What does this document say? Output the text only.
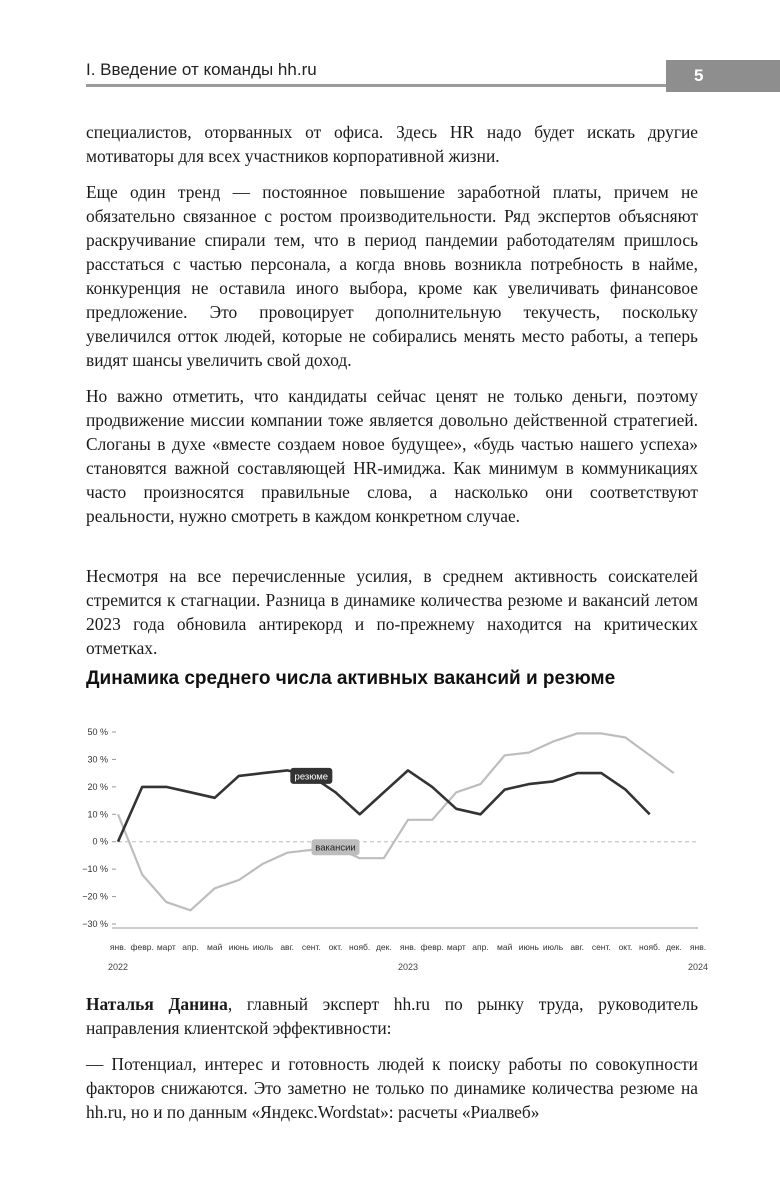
I. Введение от команды hh.ru	5

специалистов, оторванных от офиса. Здесь HR надо будет искать другие мотиваторы для всех участников корпоративной жизни.

Еще один тренд — постоянное повышение заработной платы, причем не обязательно связанное с ростом производительности. Ряд экспертов объясняют раскручивание спирали тем, что в период пандемии работодателям пришлось расстаться с частью персонала, а когда вновь возникла потребность в найме, конкуренция не оставила иного выбора, кроме как увеличивать финансовое предложение. Это провоцирует дополнительную текучесть, поскольку увеличился отток людей, которые не собирались менять место работы, а теперь видят шансы увеличить свой доход.

Но важно отметить, что кандидаты сейчас ценят не только деньги, поэтому продвижение миссии компании тоже является довольно действенной стратегией. Слоганы в духе «вместе создаем новое будущее», «будь частью нашего успеха» становятся важной составляющей HR-имиджа. Как минимум в коммуникациях часто произносятся правильные слова, а насколько они соответствуют реальности, нужно смотреть в каждом конкретном случае.

Несмотря на все перечисленные усилия, в среднем активность соискателей стремится к стагнации. Разница в динамике количества резюме и вакансий летом 2023 года обновила антирекорд и по-прежнему находится на критических отметках.

Динамика среднего числа активных вакансий и резюме
50 %
30 %
20 %
10 %
0 %
−10 %
−20 %
−30 %
янв. февр. март апр. май июнь июль авг. сент. окт. нояб. дек. янв. февр. март апр. май июнь июль авг. сент. окт. нояб. дек. янв.
2022	2023	2024
резюме
вакансии

Наталья Данина, главный эксперт hh.ru по рынку труда, руководитель направления клиентской эффективности:

— Потенциал, интерес и готовность людей к поиску работы по совокупности факторов снижаются. Это заметно не только по динамике количества резюме на hh.ru, но и по данным «Яндекс.Wordstat»: расчеты «Риалвеб»
